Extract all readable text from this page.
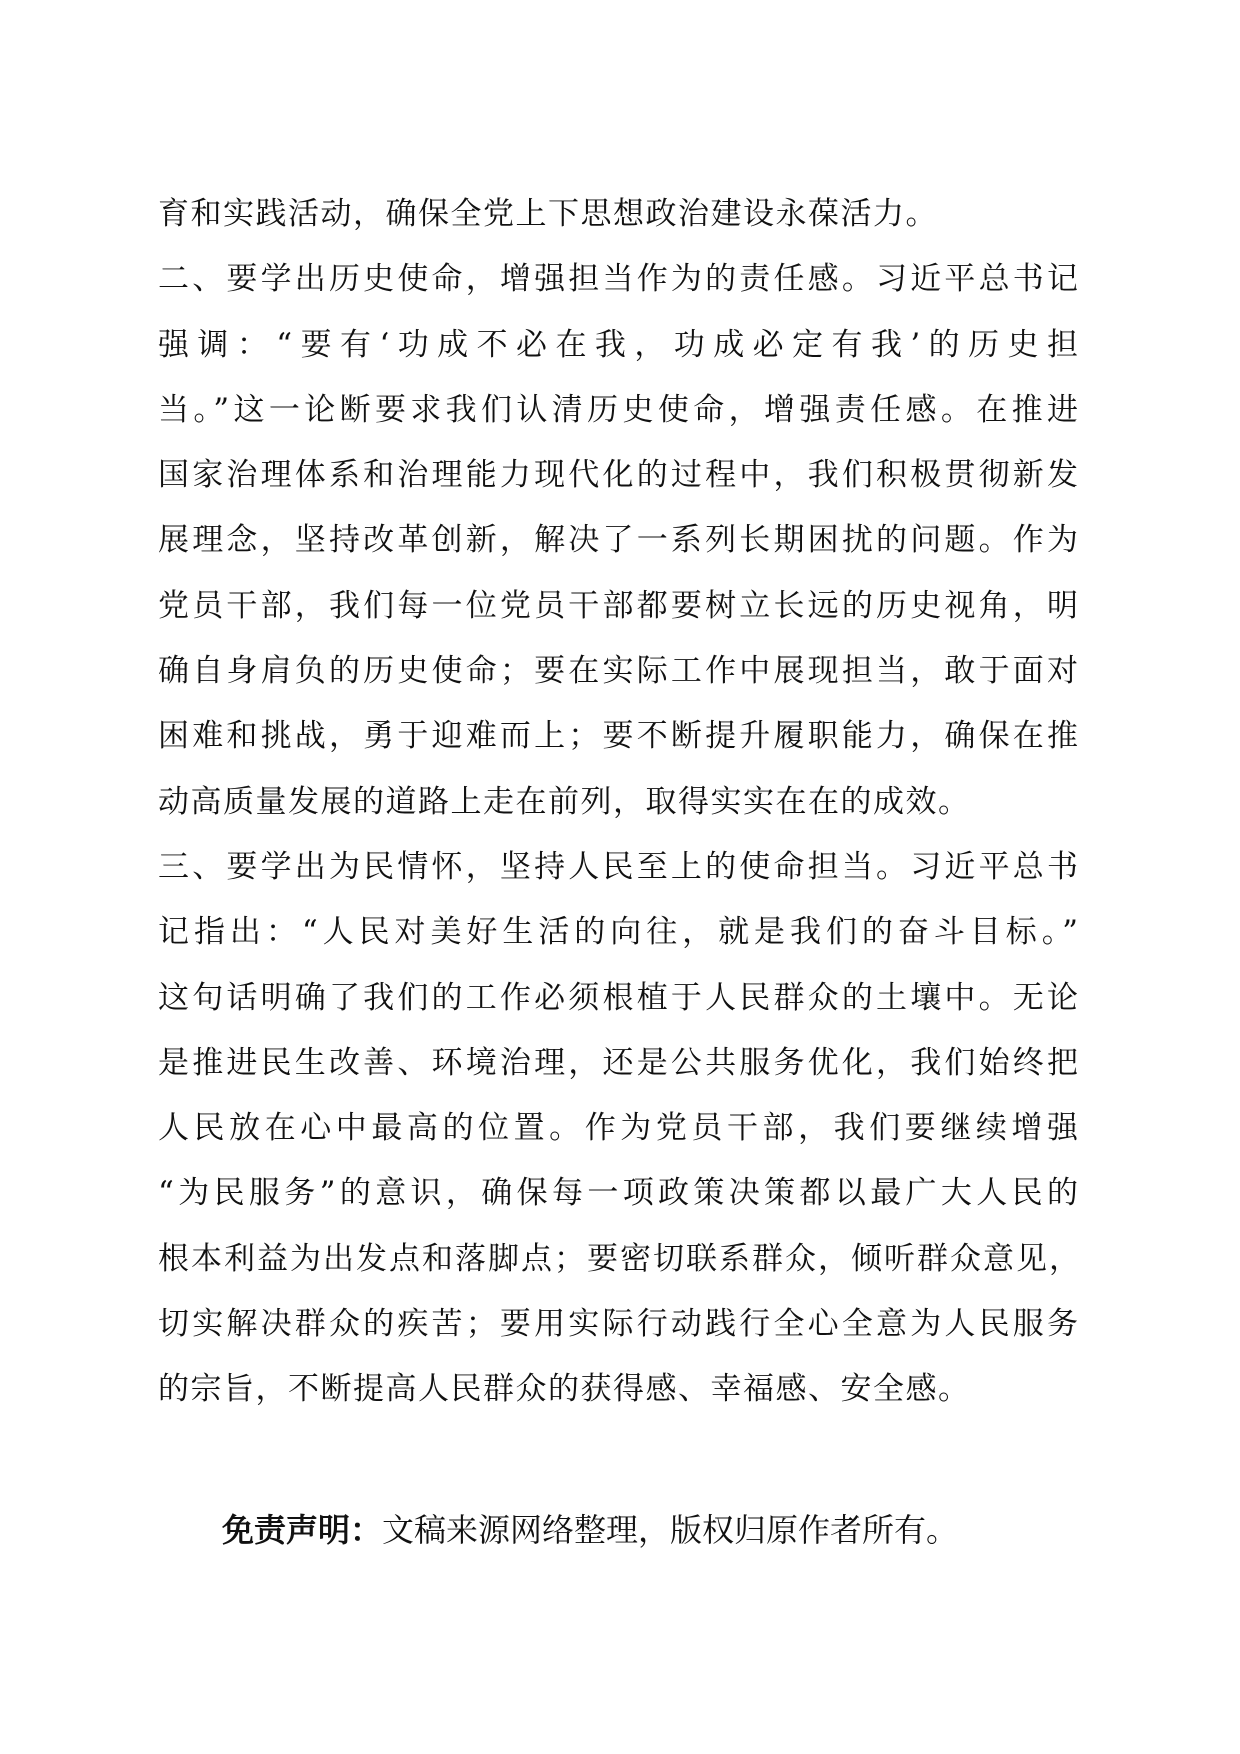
育和实践活动，确保全党上下思想政治建设永葆活力。
二、要学出历史使命，增强担当作为的责任感。习近平总书记
强调：“要有‘功成不必在我，功成必定有我’的历史担
当。”这一论断要求我们认清历史使命，增强责任感。在推进
国家治理体系和治理能力现代化的过程中，我们积极贯彻新发
展理念，坚持改革创新，解决了一系列长期困扰的问题。作为
党员干部，我们每一位党员干部都要树立长远的历史视角，明
确自身肩负的历史使命；要在实际工作中展现担当，敢于面对
困难和挑战，勇于迎难而上；要不断提升履职能力，确保在推
动高质量发展的道路上走在前列，取得实实在在的成效。
三、要学出为民情怀，坚持人民至上的使命担当。习近平总书
记指出：“人民对美好生活的向往，就是我们的奋斗目标。”
这句话明确了我们的工作必须根植于人民群众的土壤中。无论
是推进民生改善、环境治理，还是公共服务优化，我们始终把
人民放在心中最高的位置。作为党员干部，我们要继续增强
“为民服务”的意识，确保每一项政策决策都以最广大人民的
根本利益为出发点和落脚点；要密切联系群众，倾听群众意见，
切实解决群众的疾苦；要用实际行动践行全心全意为人民服务
的宗旨，不断提高人民群众的获得感、幸福感、安全感。
免责声明：文稿来源网络整理，版权归原作者所有。
